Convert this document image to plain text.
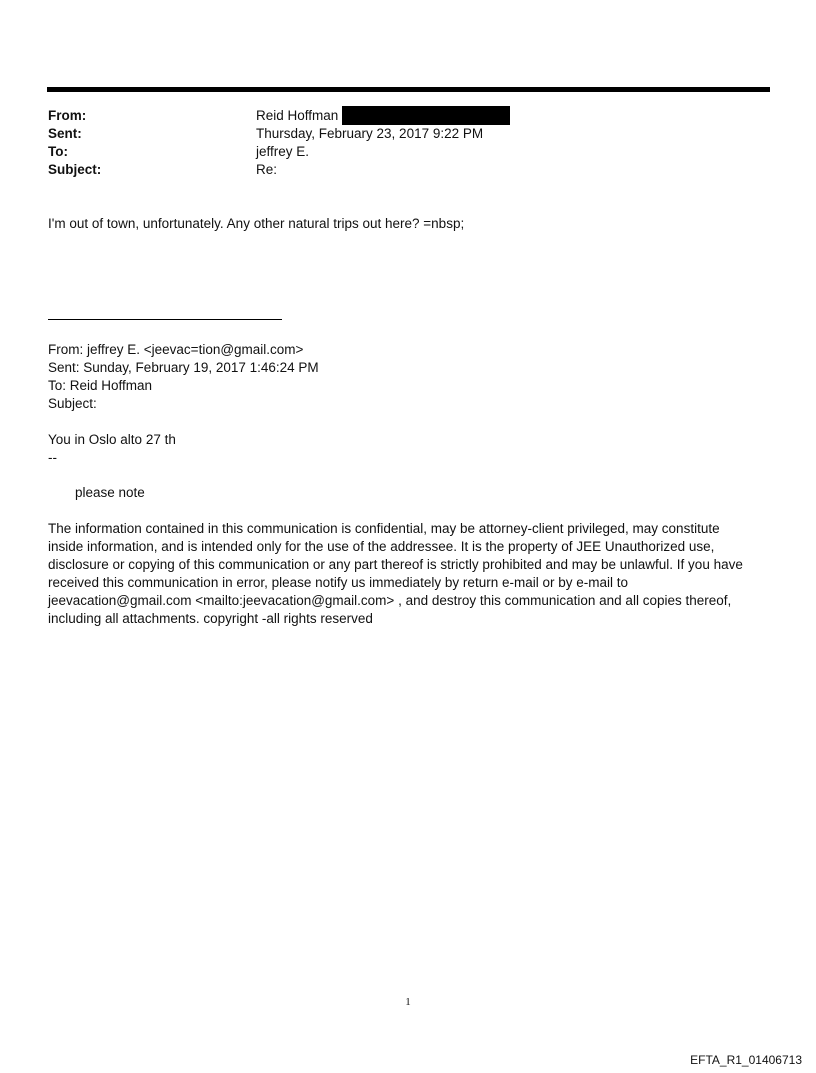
From:	Reid Hoffman
Sent:	Thursday, February 23, 2017 9:22 PM
To:	jeffrey E.
Subject:	Re:
I'm out of town, unfortunately. Any other natural trips out here? =nbsp;
From: jeffrey E. <jeevac=tion@gmail.com>
Sent: Sunday, February 19, 2017 1:46:24 PM
To: Reid Hoffman
Subject:
You in Oslo alto 27 th
--
please note
The information contained in this communication is confidential, may be attorney-client privileged, may constitute
inside information, and is intended only for the use of the addressee. It is the property of JEE Unauthorized use,
disclosure or copying of this communication or any part thereof is strictly prohibited and may be unlawful. If you have
received this communication in error, please notify us immediately by return e-mail or by e-mail to
jeevacation@gmail.com <mailto:jeevacation@gmail.com> , and destroy this communication and all copies thereof,
including all attachments. copyright -all rights reserved
1
EFTA_R1_01406713
